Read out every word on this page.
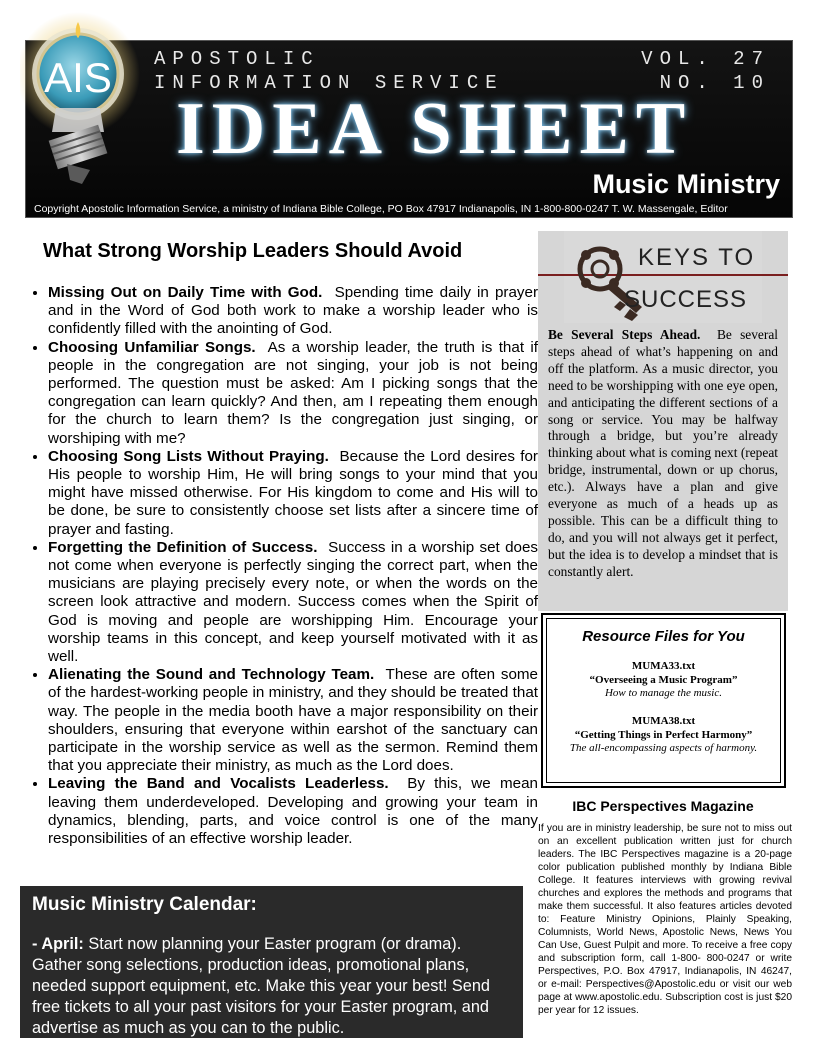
APOSTOLIC INFORMATION SERVICE
VOL. 27
NO. 10
IDEA SHEET
Music Ministry
Copyright Apostolic Information Service, a ministry of Indiana Bible College, PO Box 47917 Indianapolis, IN 1-800-800-0247 T. W. Massengale, Editor
AIS
What Strong Worship Leaders Should Avoid
• Missing Out on Daily Time with God. Spending time daily in prayer and in the Word of God both work to make a worship leader who is confidently filled with the anointing of God.
• Choosing Unfamiliar Songs. As a worship leader, the truth is that if people in the congregation are not singing, your job is not being performed. The question must be asked: Am I picking songs that the congregation can learn quickly? And then, am I repeating them enough for the church to learn them? Is the congregation just singing, or worshiping with me?
• Choosing Song Lists Without Praying. Because the Lord desires for His people to worship Him, He will bring songs to your mind that you might have missed otherwise. For His kingdom to come and His will to be done, be sure to consistently choose set lists after a sincere time of prayer and fasting.
• Forgetting the Definition of Success. Success in a worship set does not come when everyone is perfectly singing the correct part, when the musicians are playing precisely every note, or when the words on the screen look attractive and modern. Success comes when the Spirit of God is moving and people are worshipping Him. Encourage your worship teams in this concept, and keep yourself motivated with it as well.
• Alienating the Sound and Technology Team. These are often some of the hardest-working people in ministry, and they should be treated that way. The people in the media booth have a major responsibility on their shoulders, ensuring that everyone within earshot of the sanctuary can participate in the worship service as well as the sermon. Remind them that you appreciate their ministry, as much as the Lord does.
• Leaving the Band and Vocalists Leaderless. By this, we mean leaving them underdeveloped. Developing and growing your team in dynamics, blending, parts, and voice control is one of the many responsibilities of an effective worship leader.
Music Ministry Calendar:
- April: Start now planning your Easter program (or drama). Gather song selections, production ideas, promotional plans, needed support equipment, etc. Make this year your best! Send free tickets to all your past visitors for your Easter program, and advertise as much as you can to the public.
KEYS TO
SUCCESS
Be Several Steps Ahead. Be several steps ahead of what’s happening on and off the platform. As a music director, you need to be worshipping with one eye open, and anticipating the different sections of a song or service. You may be halfway through a bridge, but you’re already thinking about what is coming next (repeat bridge, instrumental, down or up chorus, etc.). Always have a plan and give everyone as much of a heads up as possible. This can be a difficult thing to do, and you will not always get it perfect, but the idea is to develop a mindset that is constantly alert.
Resource Files for You
MUMA33.txt
“Overseeing a Music Program”
How to manage the music.
MUMA38.txt
“Getting Things in Perfect Harmony”
The all-encompassing aspects of harmony.
IBC Perspectives Magazine
If you are in ministry leadership, be sure not to miss out on an excellent publication written just for church leaders. The IBC Perspectives magazine is a 20-page color publication published monthly by Indiana Bible College. It features interviews with growing revival churches and explores the methods and programs that make them successful. It also features articles devoted to: Feature Ministry Opinions, Plainly Speaking, Columnists, World News, Apostolic News, News You Can Use, Guest Pulpit and more. To receive a free copy and subscription form, call 1-800- 800-0247 or write Perspectives, P.O. Box 47917, Indianapolis, IN 46247, or e-mail: Perspectives@Apostolic.edu or visit our web page at www.apostolic.edu. Subscription cost is just $20 per year for 12 issues.
